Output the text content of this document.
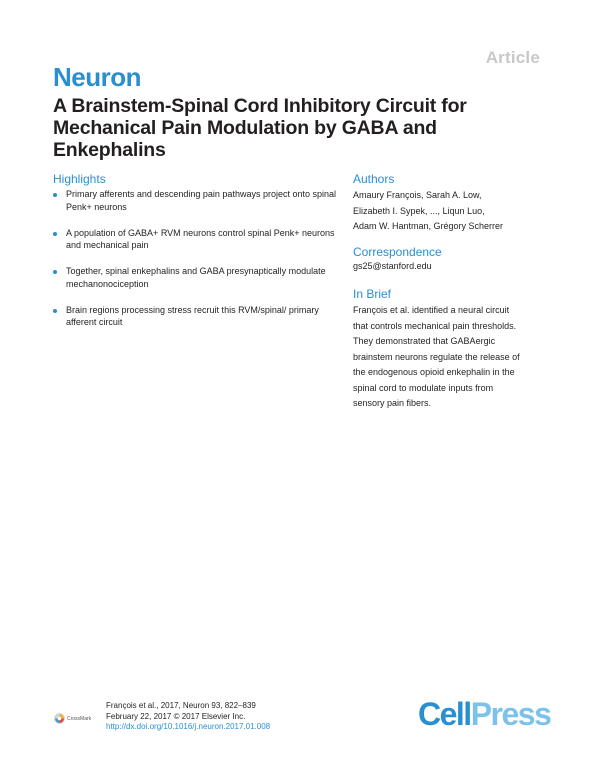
Article
Neuron
A Brainstem-Spinal Cord Inhibitory Circuit for Mechanical Pain Modulation by GABA and Enkephalins
Highlights
Primary afferents and descending pain pathways project onto spinal Penk+ neurons
A population of GABA+ RVM neurons control spinal Penk+ neurons and mechanical pain
Together, spinal enkephalins and GABA presynaptically modulate mechanonociception
Brain regions processing stress recruit this RVM/spinal/ primary afferent circuit
Authors
Amaury François, Sarah A. Low,
Elizabeth I. Sypek, ..., Liqun Luo,
Adam W. Hantman, Grégory Scherrer
Correspondence
gs25@stanford.edu
In Brief
François et al. identified a neural circuit
that controls mechanical pain thresholds.
They demonstrated that GABAergic
brainstem neurons regulate the release of
the endogenous opioid enkephalin in the
spinal cord to modulate inputs from
sensory pain fibers.
CrossMark
François et al., 2017, Neuron 93, 822–839
February 22, 2017 © 2017 Elsevier Inc.
http://dx.doi.org/10.1016/j.neuron.2017.01.008	CellPress
